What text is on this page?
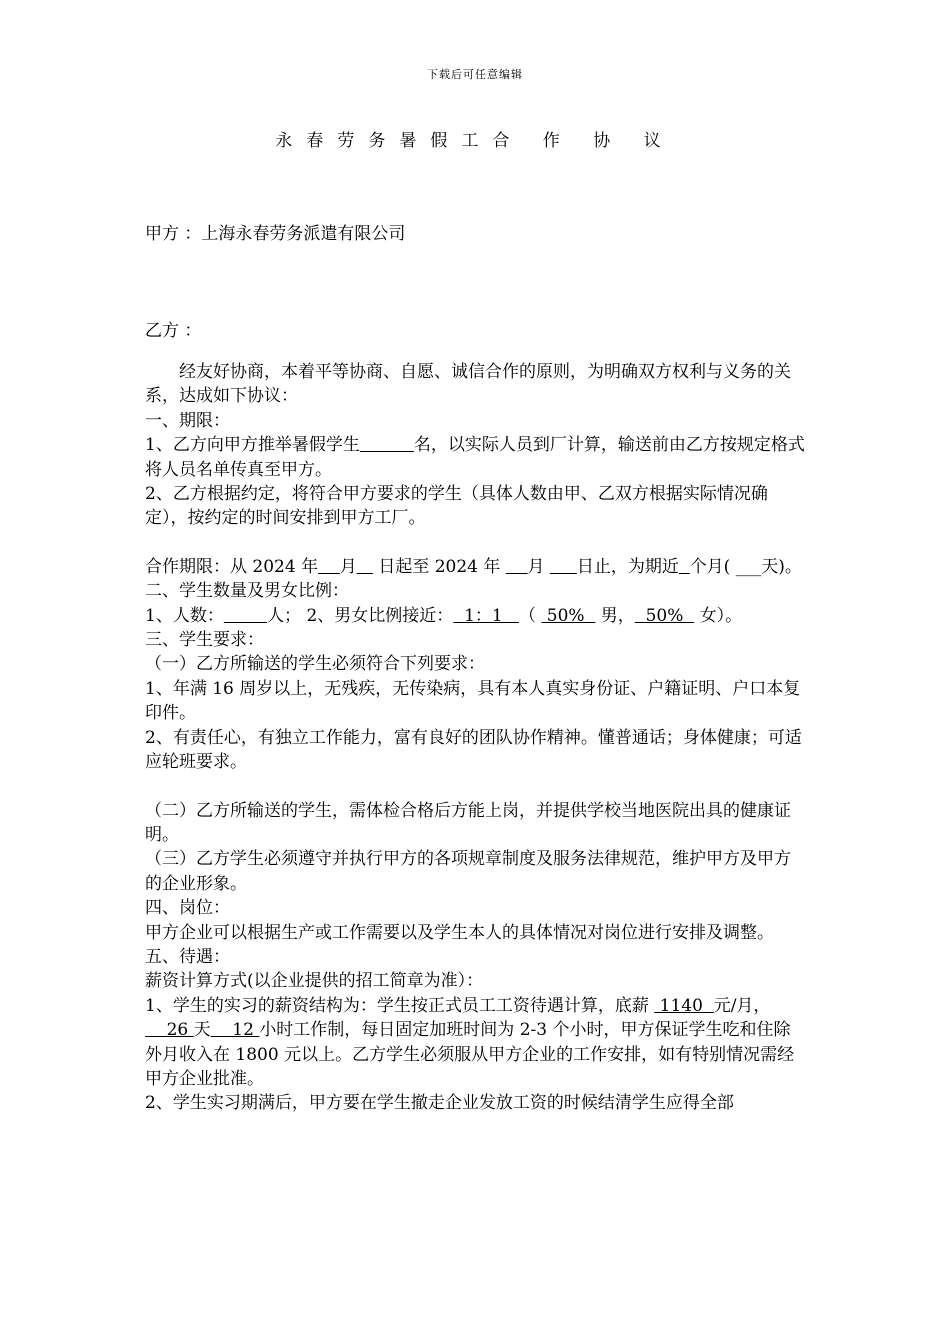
下载后可任意编辑
永春劳务暑假工合 作 协 议
甲方 ：上海永春劳务派遣有限公司
乙方 ：

经友好协商，本着平等协商、自愿、诚信合作的原则，为明确双方权利与义务的关系，达成如下协议：

一、期限：

1、乙方向甲方推举暑假学生	名，以实际人员到厂计算，输送前由乙方按规定格式将人员名单传真至甲方。

2、乙方根据约定，将符合甲方要求的学生（具体人数由甲、乙双方根据实际情况确定），按约定的时间安排到甲方工厂。

合作期限：从 2024 年 月    日起至 2024 年     月      日止，为期近 个月( ___天)。

二、学生数量及男女比例：

1、人数：	人； 2、男女比例接近：  1：1   （  50%   男，  50%   女）。

三、学生要求：

（一）乙方所输送的学生必须符合下列要求：

1、年满 16 周岁以上，无残疾，无传染病，具有本人真实身份证、户籍证明、户口本复印件。

2、有责任心，有独立工作能力，富有良好的团队协作精神。懂普通话；身体健康；可适应轮班要求。

（二）乙方所输送的学生，需体检合格后方能上岗，并提供学校当地医院出具的健康证明。

（三）乙方学生必须遵守并执行甲方的各项规章制度及服务法律规范，维护甲方及甲方的企业形象。

四、岗位：

甲方企业可以根据生产或工作需要以及学生本人的具体情况对岗位进行安排及调整。

五、待遇：

薪资计算方式(以企业提供的招工简章为准）：

1、学生的实习的薪资结构为：学生按正式员工工资待遇计算，底薪  1140  元/月，    26 天    12 小时工作制，每日固定加班时间为 2-3 个小时，甲方保证学生吃和住除外月收入在 1800 元以上。乙方学生必须服从甲方企业的工作安排，如有特别情况需经甲方企业批准。

2、学生实习期满后，甲方要在学生撤走企业发放工资的时候结清学生应得全部
